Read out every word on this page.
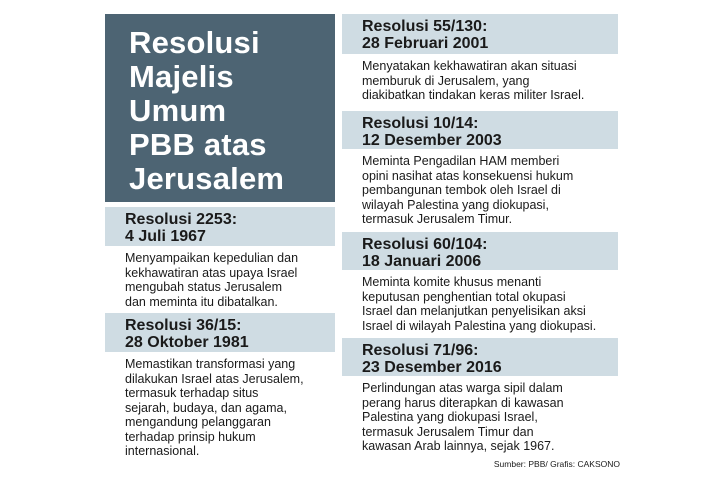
Resolusi
Majelis
Umum
PBB atas
Jerusalem
Resolusi 2253:
4 Juli 1967
Menyampaikan kepedulian dan
kekhawatiran atas upaya Israel
mengubah status Jerusalem
dan meminta itu dibatalkan.
Resolusi 36/15:
28 Oktober 1981
Memastikan transformasi yang
dilakukan Israel atas Jerusalem,
termasuk terhadap situs
sejarah, budaya, dan agama,
mengandung pelanggaran
terhadap prinsip hukum
internasional.
Resolusi 55/130:
28 Februari 2001
Menyatakan kekhawatiran akan situasi
memburuk di Jerusalem, yang
diakibatkan tindakan keras militer Israel.
Resolusi 10/14:
12 Desember 2003
Meminta Pengadilan HAM memberi
opini nasihat atas konsekuensi hukum
pembangunan tembok oleh Israel di
wilayah Palestina yang diokupasi,
termasuk Jerusalem Timur.
Resolusi 60/104:
18 Januari 2006
Meminta komite khusus menanti
keputusan penghentian total okupasi
Israel dan melanjutkan penyelisikan aksi
Israel di wilayah Palestina yang diokupasi.
Resolusi 71/96:
23 Desember 2016
Perlindungan atas warga sipil dalam
perang harus diterapkan di kawasan
Palestina yang diokupasi Israel,
termasuk Jerusalem Timur dan
kawasan Arab lainnya, sejak 1967.
Sumber: PBB/ Grafis: CAKSONO
